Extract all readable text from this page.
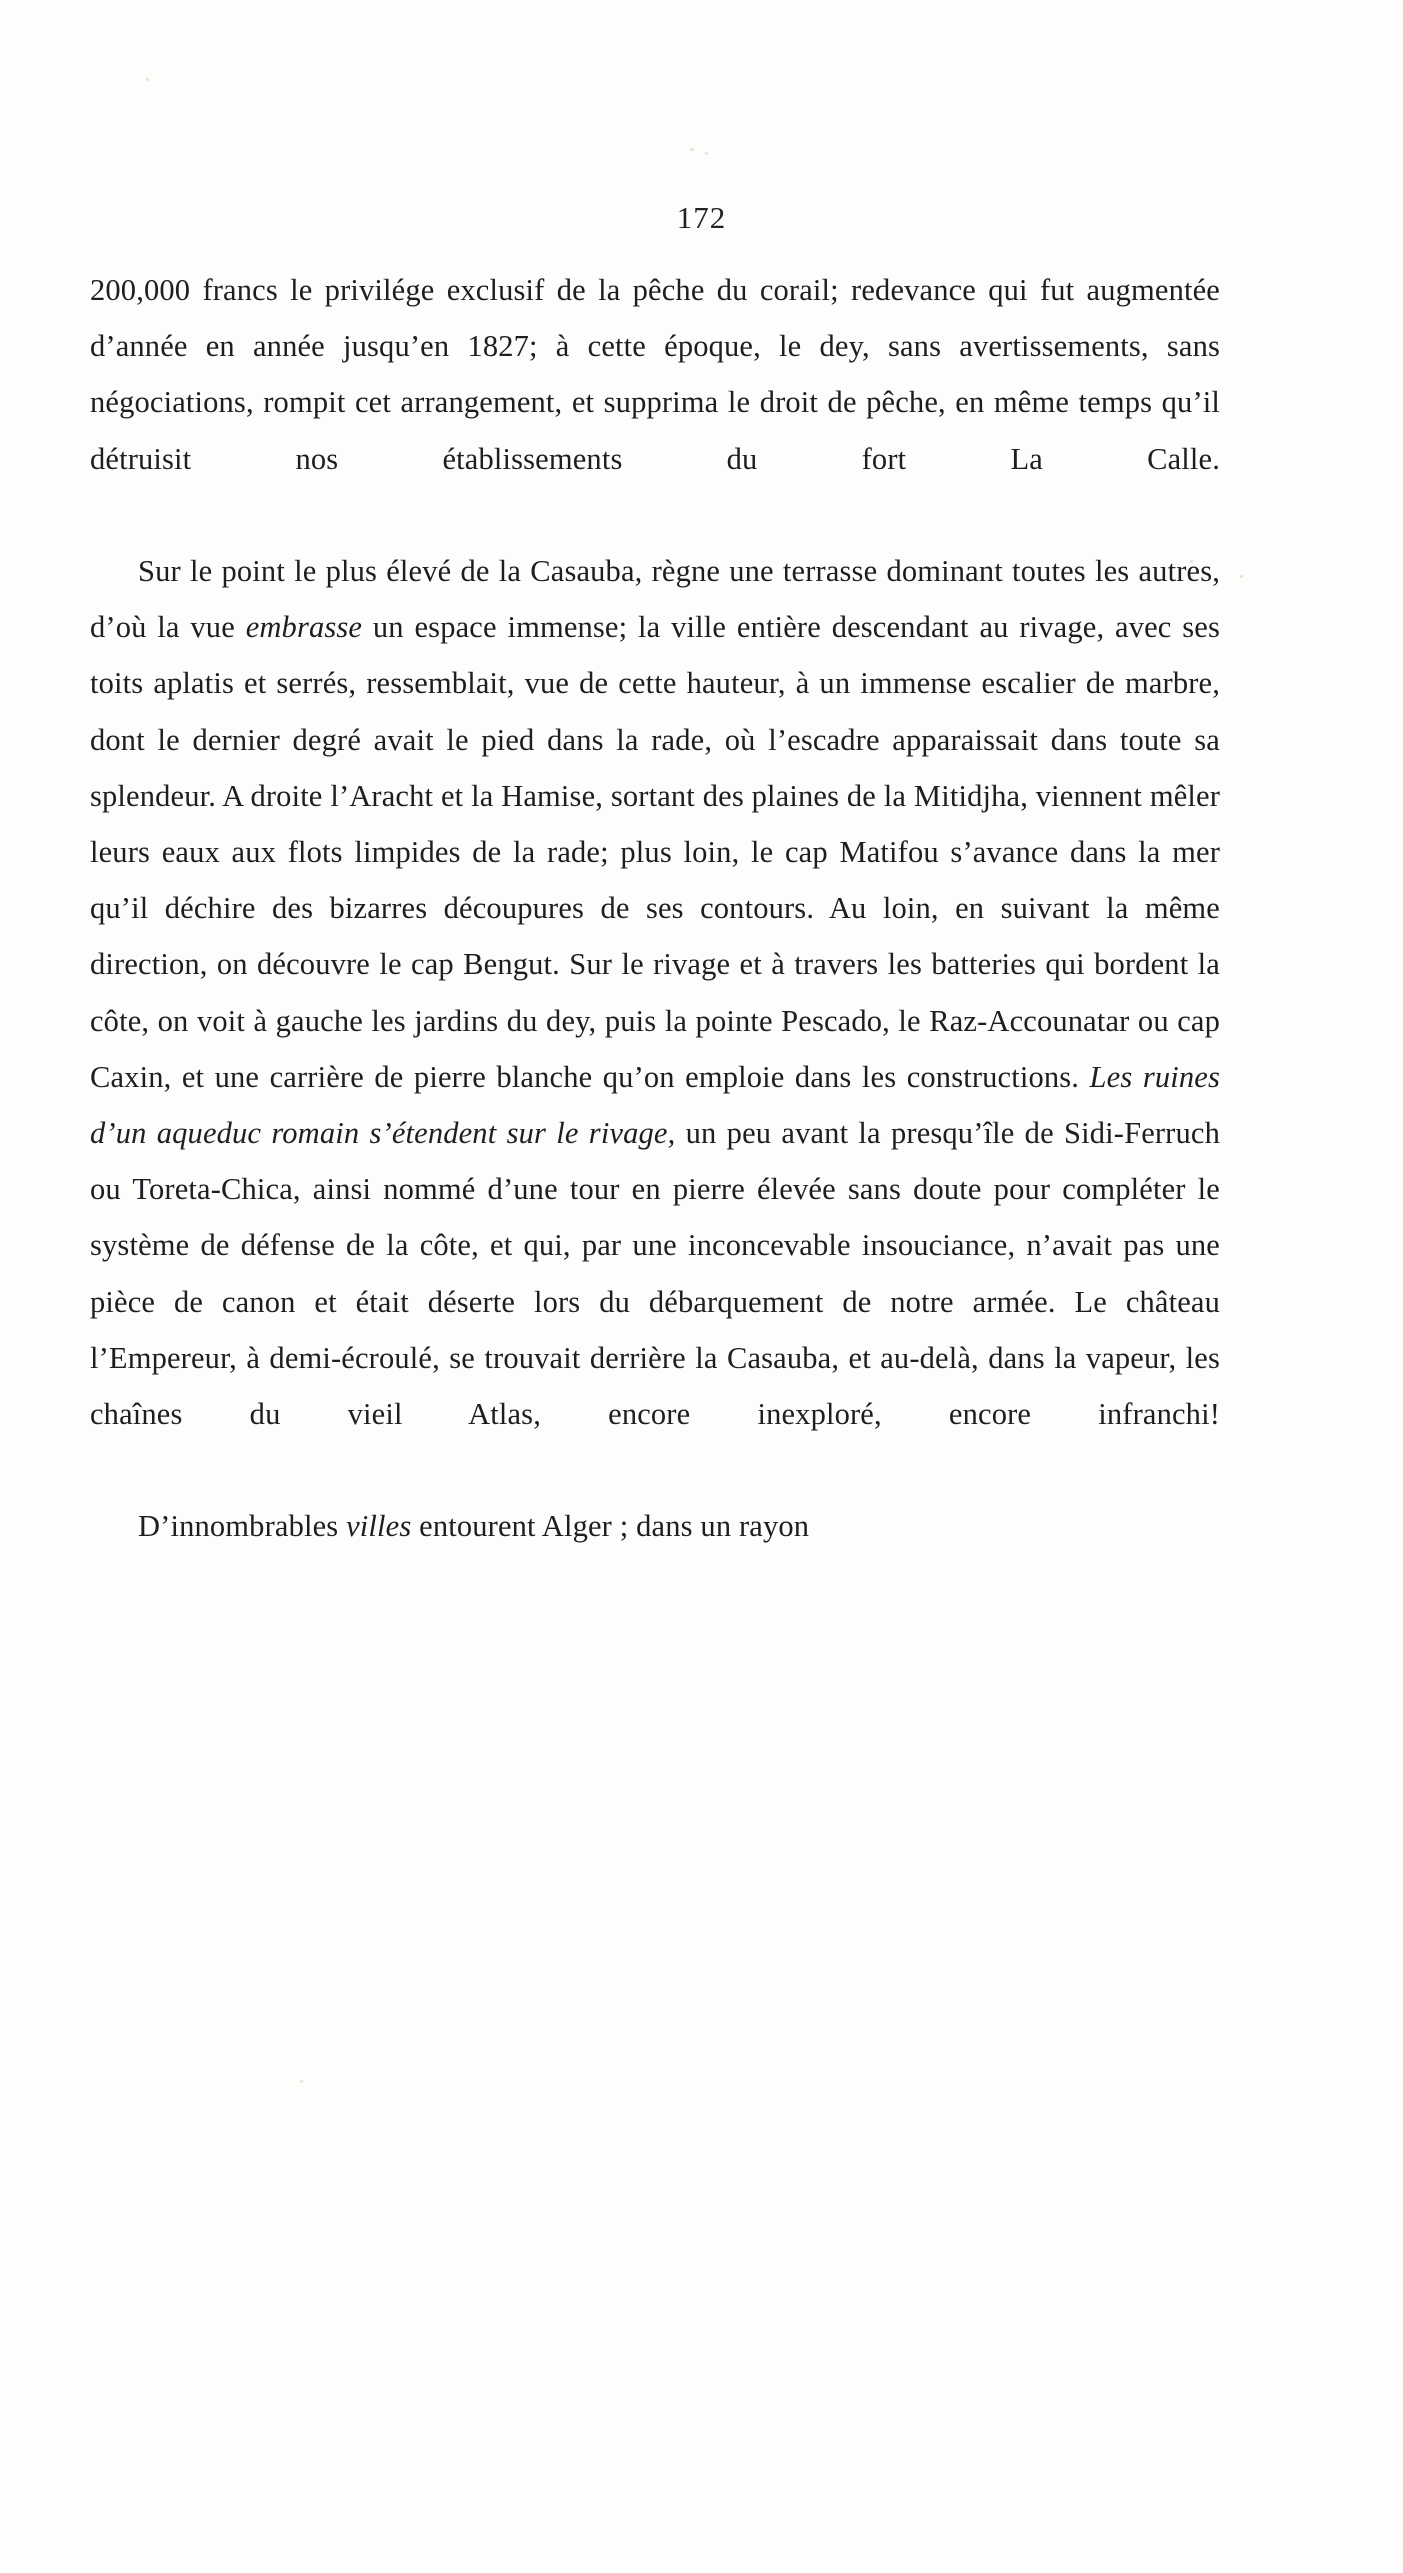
172

200,000 francs le privilége exclusif de la pêche du corail; redevance qui fut augmentée d’année en année jusqu’en 1827; à cette époque, le dey, sans avertissements, sans négociations, rompit cet arrangement, et supprima le droit de pêche, en même temps qu’il détruisit nos établissements du fort La Calle.

Sur le point le plus élevé de la Casauba, règne une terrasse dominant toutes les autres, d’où la vue embrasse un espace immense; la ville entière descendant au rivage, avec ses toits aplatis et serrés, ressemblait, vue de cette hauteur, à un immense escalier de marbre, dont le dernier degré avait le pied dans la rade, où l’escadre apparaissait dans toute sa splendeur. A droite l’Aracht et la Hamise, sortant des plaines de la Mitidjha, viennent mêler leurs eaux aux flots limpides de la rade; plus loin, le cap Matifou s’avance dans la mer qu’il déchire des bizarres découpures de ses contours. Au loin, en suivant la même direction, on découvre le cap Bengut. Sur le rivage et à travers les batteries qui bordent la côte, on voit à gauche les jardins du dey, puis la pointe Pescado, le Raz-Accounatar ou cap Caxin, et une carrière de pierre blanche qu’on emploie dans les constructions. Les ruines d’un aqueduc romain s’étendent sur le rivage, un peu avant la presqu’île de Sidi-Ferruch ou Toreta-Chica, ainsi nommé d’une tour en pierre élevée sans doute pour compléter le système de défense de la côte, et qui, par une inconcevable insouciance, n’avait pas une pièce de canon et était déserte lors du débarquement de notre armée. Le château l’Empereur, à demi-écroulé, se trouvait derrière la Casauba, et au-delà, dans la vapeur, les chaînes du vieil Atlas, encore inexploré, encore infranchi!

D’innombrables villes entourent Alger ; dans un rayon
